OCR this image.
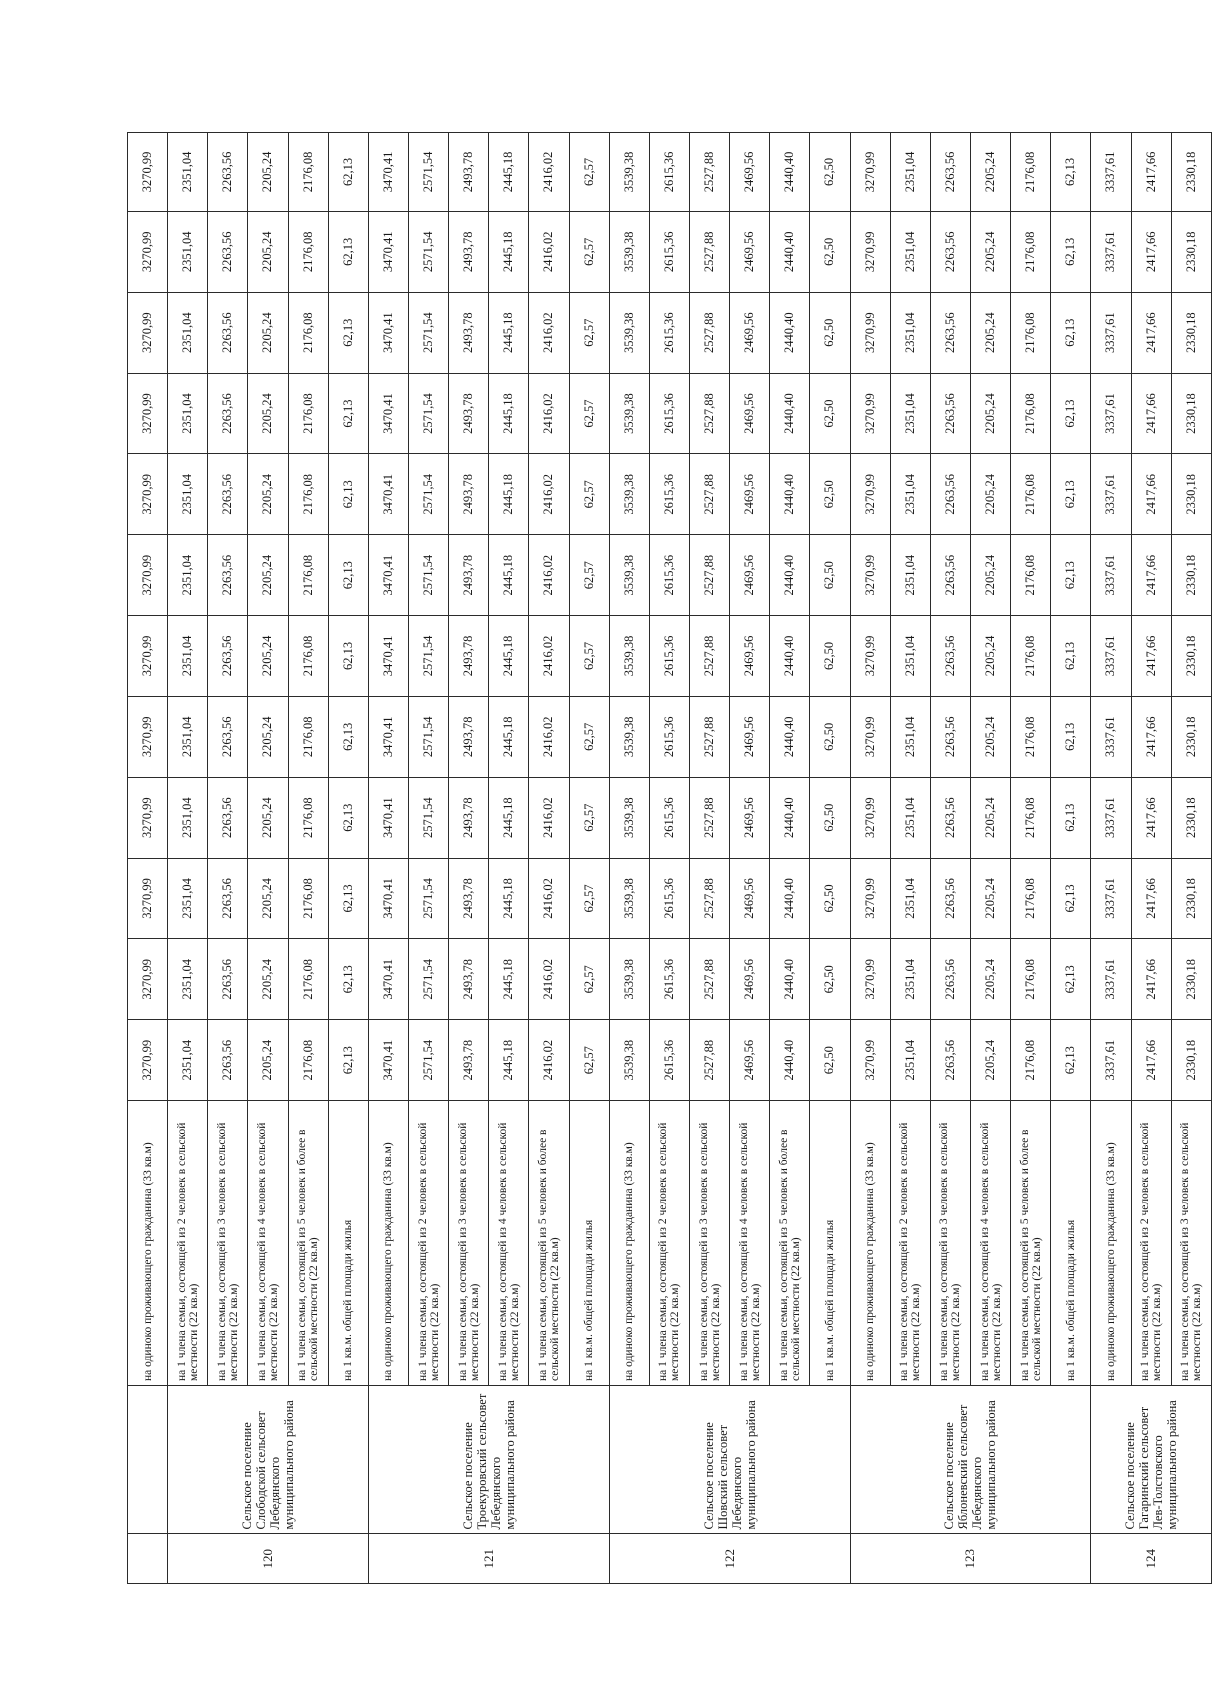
		на одиноко проживающего гражданина (33 кв.м)	3270,99	3270,99	3270,99	3270,99	3270,99	3270,99	3270,99	3270,99	3270,99	3270,99	3270,99	3270,99
120	Сельское поселение Слободской сельсовет Лебедянского муниципального района	на 1 члена семьи, состоящей из 2 человек в сельской местности (22 кв.м)	2351,04	2351,04	2351,04	2351,04	2351,04	2351,04	2351,04	2351,04	2351,04	2351,04	2351,04	2351,04
		на 1 члена семьи, состоящей из 3 человек в сельской местности (22 кв.м)	2263,56	2263,56	2263,56	2263,56	2263,56	2263,56	2263,56	2263,56	2263,56	2263,56	2263,56	2263,56
		на 1 члена семьи, состоящей из 4 человек в сельской местности (22 кв.м)	2205,24	2205,24	2205,24	2205,24	2205,24	2205,24	2205,24	2205,24	2205,24	2205,24	2205,24	2205,24
		на 1 члена семьи, состоящей из 5 человек и более в сельской местности (22 кв.м)	2176,08	2176,08	2176,08	2176,08	2176,08	2176,08	2176,08	2176,08	2176,08	2176,08	2176,08	2176,08
		на 1 кв.м. общей площади жилья	62,13	62,13	62,13	62,13	62,13	62,13	62,13	62,13	62,13	62,13	62,13	62,13
121	Сельское поселение Троекуровский сельсовет Лебедянского муниципального района	на одиноко проживающего гражданина (33 кв.м)	3470,41	3470,41	3470,41	3470,41	3470,41	3470,41	3470,41	3470,41	3470,41	3470,41	3470,41	3470,41
		на 1 члена семьи, состоящей из 2 человек в сельской местности (22 кв.м)	2571,54	2571,54	2571,54	2571,54	2571,54	2571,54	2571,54	2571,54	2571,54	2571,54	2571,54	2571,54
		на 1 члена семьи, состоящей из 3 человек в сельской местности (22 кв.м)	2493,78	2493,78	2493,78	2493,78	2493,78	2493,78	2493,78	2493,78	2493,78	2493,78	2493,78	2493,78
		на 1 члена семьи, состоящей из 4 человек в сельской местности (22 кв.м)	2445,18	2445,18	2445,18	2445,18	2445,18	2445,18	2445,18	2445,18	2445,18	2445,18	2445,18	2445,18
		на 1 члена семьи, состоящей из 5 человек и более в сельской местности (22 кв.м)	2416,02	2416,02	2416,02	2416,02	2416,02	2416,02	2416,02	2416,02	2416,02	2416,02	2416,02	2416,02
		на 1 кв.м. общей площади жилья	62,57	62,57	62,57	62,57	62,57	62,57	62,57	62,57	62,57	62,57	62,57	62,57
122	Сельское поселение Шовский сельсовет Лебедянского муниципального района	на одиноко проживающего гражданина (33 кв.м)	3539,38	3539,38	3539,38	3539,38	3539,38	3539,38	3539,38	3539,38	3539,38	3539,38	3539,38	3539,38
		на 1 члена семьи, состоящей из 2 человек в сельской местности (22 кв.м)	2615,36	2615,36	2615,36	2615,36	2615,36	2615,36	2615,36	2615,36	2615,36	2615,36	2615,36	2615,36
		на 1 члена семьи, состоящей из 3 человек в сельской местности (22 кв.м)	2527,88	2527,88	2527,88	2527,88	2527,88	2527,88	2527,88	2527,88	2527,88	2527,88	2527,88	2527,88
		на 1 члена семьи, состоящей из 4 человек в сельской местности (22 кв.м)	2469,56	2469,56	2469,56	2469,56	2469,56	2469,56	2469,56	2469,56	2469,56	2469,56	2469,56	2469,56
		на 1 члена семьи, состоящей из 5 человек и более в сельской местности (22 кв.м)	2440,40	2440,40	2440,40	2440,40	2440,40	2440,40	2440,40	2440,40	2440,40	2440,40	2440,40	2440,40
		на 1 кв.м. общей площади жилья	62,50	62,50	62,50	62,50	62,50	62,50	62,50	62,50	62,50	62,50	62,50	62,50
123	Сельское поселение Яблоневский сельсовет Лебедянского муниципального района	на одиноко проживающего гражданина (33 кв.м)	3270,99	3270,99	3270,99	3270,99	3270,99	3270,99	3270,99	3270,99	3270,99	3270,99	3270,99	3270,99
		на 1 члена семьи, состоящей из 2 человек в сельской местности (22 кв.м)	2351,04	2351,04	2351,04	2351,04	2351,04	2351,04	2351,04	2351,04	2351,04	2351,04	2351,04	2351,04
		на 1 члена семьи, состоящей из 3 человек в сельской местности (22 кв.м)	2263,56	2263,56	2263,56	2263,56	2263,56	2263,56	2263,56	2263,56	2263,56	2263,56	2263,56	2263,56
		на 1 члена семьи, состоящей из 4 человек в сельской местности (22 кв.м)	2205,24	2205,24	2205,24	2205,24	2205,24	2205,24	2205,24	2205,24	2205,24	2205,24	2205,24	2205,24
		на 1 члена семьи, состоящей из 5 человек и более в сельской местности (22 кв.м)	2176,08	2176,08	2176,08	2176,08	2176,08	2176,08	2176,08	2176,08	2176,08	2176,08	2176,08	2176,08
		на 1 кв.м. общей площади жилья	62,13	62,13	62,13	62,13	62,13	62,13	62,13	62,13	62,13	62,13	62,13	62,13
124	Сельское поселение Гагаринский сельсовет Лев-Толстовского муниципального района	на одиноко проживающего гражданина (33 кв.м)	3337,61	3337,61	3337,61	3337,61	3337,61	3337,61	3337,61	3337,61	3337,61	3337,61	3337,61	3337,61
		на 1 члена семьи, состоящей из 2 человек в сельской местности (22 кв.м)	2417,66	2417,66	2417,66	2417,66	2417,66	2417,66	2417,66	2417,66	2417,66	2417,66	2417,66	2417,66
		на 1 члена семьи, состоящей из 3 человек в сельской местности (22 кв.м)	2330,18	2330,18	2330,18	2330,18	2330,18	2330,18	2330,18	2330,18	2330,18	2330,18	2330,18	2330,18
